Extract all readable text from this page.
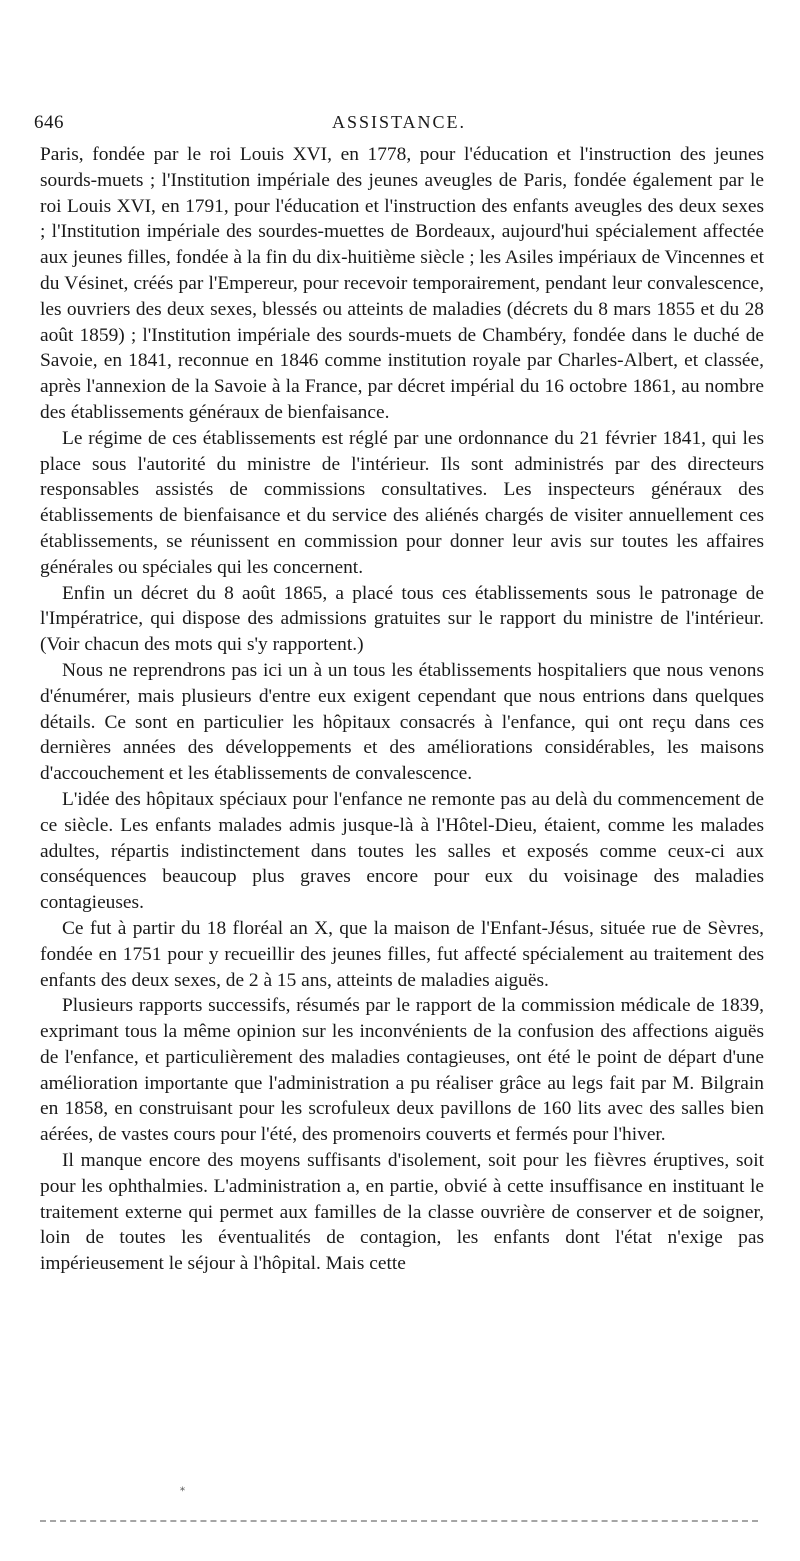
646	ASSISTANCE.

Paris, fondée par le roi Louis XVI, en 1778, pour l'éducation et l'instruction des jeunes sourds-muets ; l'Institution impériale des jeunes aveugles de Paris, fondée également par le roi Louis XVI, en 1791, pour l'éducation et l'instruction des enfants aveugles des deux sexes ; l'Institution impériale des sourdes-muettes de Bordeaux, aujourd'hui spécialement affectée aux jeunes filles, fondée à la fin du dix-huitième siècle ; les Asiles impériaux de Vincennes et du Vésinet, créés par l'Empereur, pour recevoir temporairement, pendant leur convalescence, les ouvriers des deux sexes, blessés ou atteints de maladies (décrets du 8 mars 1855 et du 28 août 1859) ; l'Institution impériale des sourds-muets de Chambéry, fondée dans le duché de Savoie, en 1841, reconnue en 1846 comme institution royale par Charles-Albert, et classée, après l'annexion de la Savoie à la France, par décret impérial du 16 octobre 1861, au nombre des établissements généraux de bienfaisance.

Le régime de ces établissements est réglé par une ordonnance du 21 février 1841, qui les place sous l'autorité du ministre de l'intérieur. Ils sont administrés par des directeurs responsables assistés de commissions consultatives. Les inspecteurs généraux des établissements de bienfaisance et du service des aliénés chargés de visiter annuellement ces établissements, se réunissent en commission pour donner leur avis sur toutes les affaires générales ou spéciales qui les concernent.

Enfin un décret du 8 août 1865, a placé tous ces établissements sous le patronage de l'Impératrice, qui dispose des admissions gratuites sur le rapport du ministre de l'intérieur. (Voir chacun des mots qui s'y rapportent.)

Nous ne reprendrons pas ici un à un tous les établissements hospitaliers que nous venons d'énumérer, mais plusieurs d'entre eux exigent cependant que nous entrions dans quelques détails. Ce sont en particulier les hôpitaux consacrés à l'enfance, qui ont reçu dans ces dernières années des développements et des améliorations considérables, les maisons d'accouchement et les établissements de convalescence.

L'idée des hôpitaux spéciaux pour l'enfance ne remonte pas au delà du commencement de ce siècle. Les enfants malades admis jusque-là à l'Hôtel-Dieu, étaient, comme les malades adultes, répartis indistinctement dans toutes les salles et exposés comme ceux-ci aux conséquences beaucoup plus graves encore pour eux du voisinage des maladies contagieuses.

Ce fut à partir du 18 floréal an X, que la maison de l'Enfant-Jésus, située rue de Sèvres, fondée en 1751 pour y recueillir des jeunes filles, fut affecté spécialement au traitement des enfants des deux sexes, de 2 à 15 ans, atteints de maladies aiguës.

Plusieurs rapports successifs, résumés par le rapport de la commission médicale de 1839, exprimant tous la même opinion sur les inconvénients de la confusion des affections aiguës de l'enfance, et particulièrement des maladies contagieuses, ont été le point de départ d'une amélioration importante que l'administration a pu réaliser grâce au legs fait par M. Bilgrain en 1858, en construisant pour les scrofuleux deux pavillons de 160 lits avec des salles bien aérées, de vastes cours pour l'été, des promenoirs couverts et fermés pour l'hiver.

Il manque encore des moyens suffisants d'isolement, soit pour les fièvres éruptives, soit pour les ophthalmies. L'administration a, en partie, obvié à cette insuffisance en instituant le traitement externe qui permet aux familles de la classe ouvrière de conserver et de soigner, loin de toutes les éventualités de contagion, les enfants dont l'état n'exige pas impérieusement le séjour à l'hôpital. Mais cette

*
